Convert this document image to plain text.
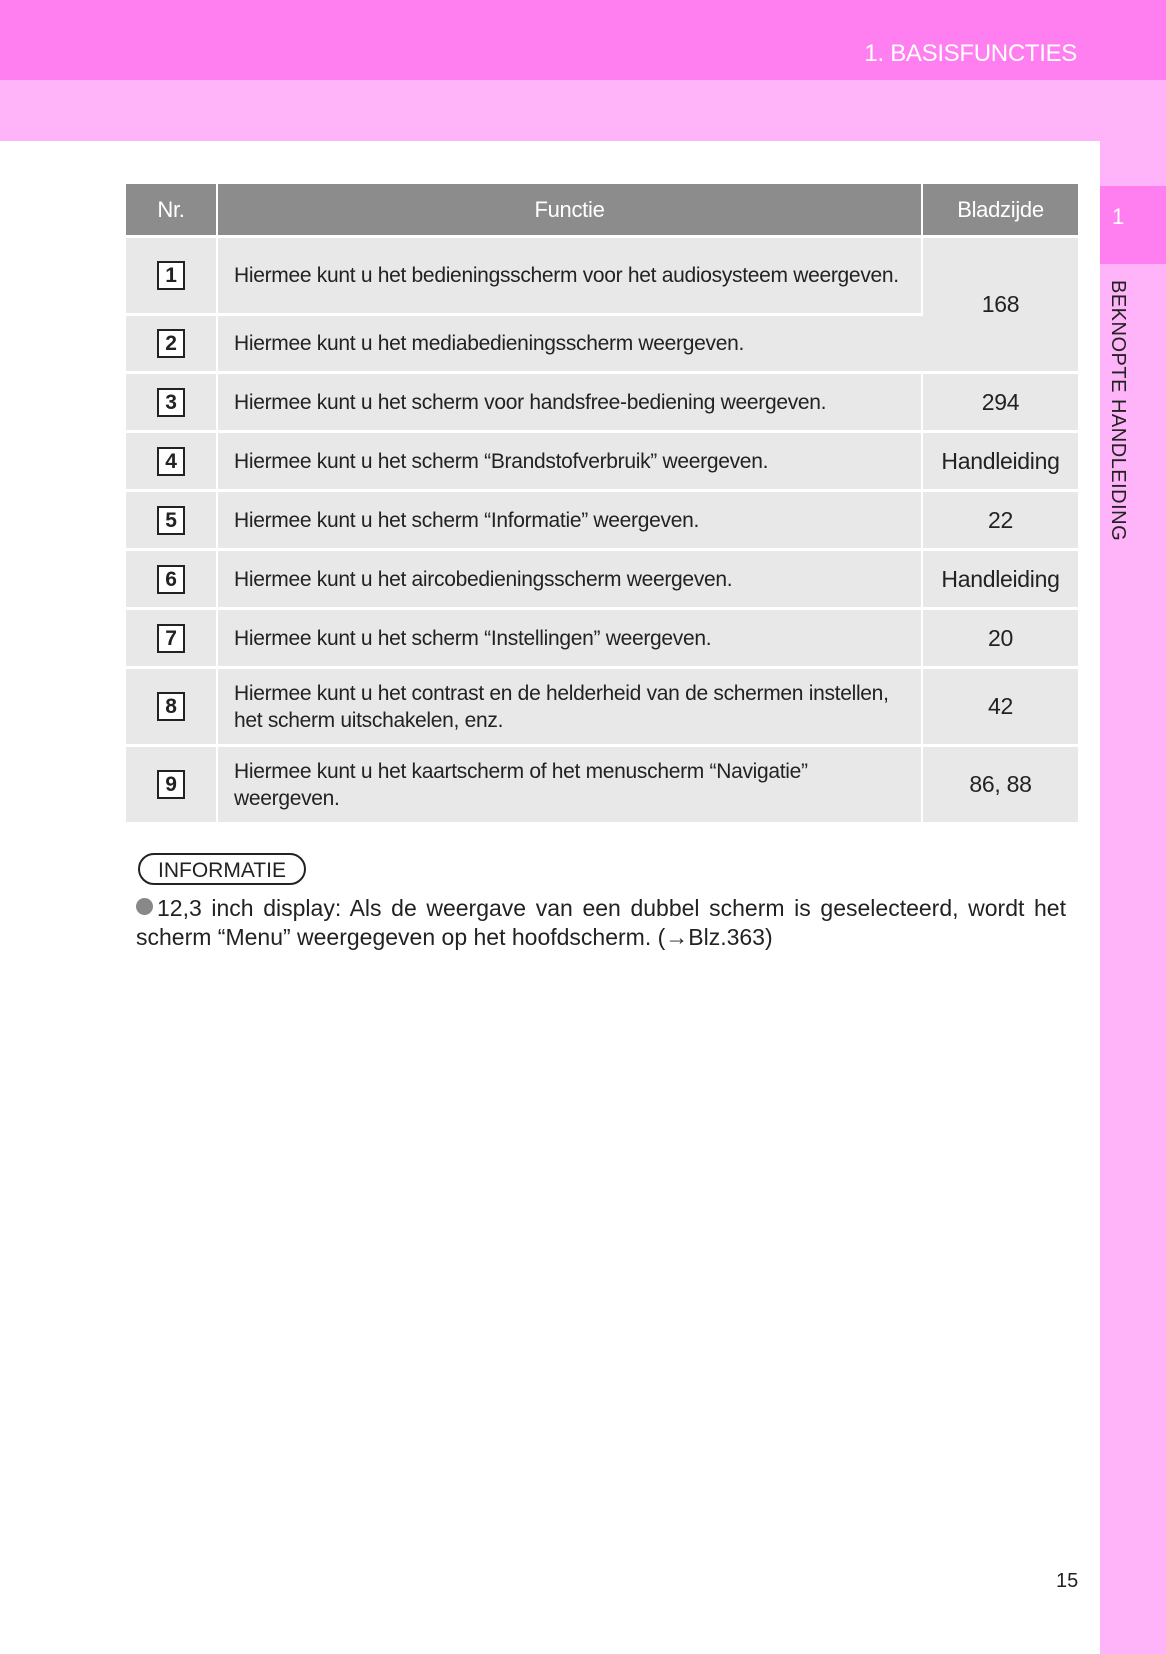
1. BASISFUNCTIES
1
BEKNOPTE HANDLEIDING
Nr.	Functie	Bladzijde
1	Hiermee kunt u het bedieningsscherm voor het audiosysteem weergeven.	168
2	Hiermee kunt u het mediabedieningsscherm weergeven.	
3	Hiermee kunt u het scherm voor handsfree-bediening weergeven.	294
4	Hiermee kunt u het scherm “Brandstofverbruik” weergeven.	Handleiding
5	Hiermee kunt u het scherm “Informatie” weergeven.	22
6	Hiermee kunt u het aircobedieningsscherm weergeven.	Handleiding
7	Hiermee kunt u het scherm “Instellingen” weergeven.	20
8	Hiermee kunt u het contrast en de helderheid van de schermen instellen, het scherm uitschakelen, enz.	42
9	Hiermee kunt u het kaartscherm of het menuscherm “Navigatie” weergeven.	86, 88
INFORMATIE
12,3 inch display: Als de weergave van een dubbel scherm is geselecteerd, wordt het scherm “Menu” weergegeven op het hoofdscherm. (→Blz.363)
15
